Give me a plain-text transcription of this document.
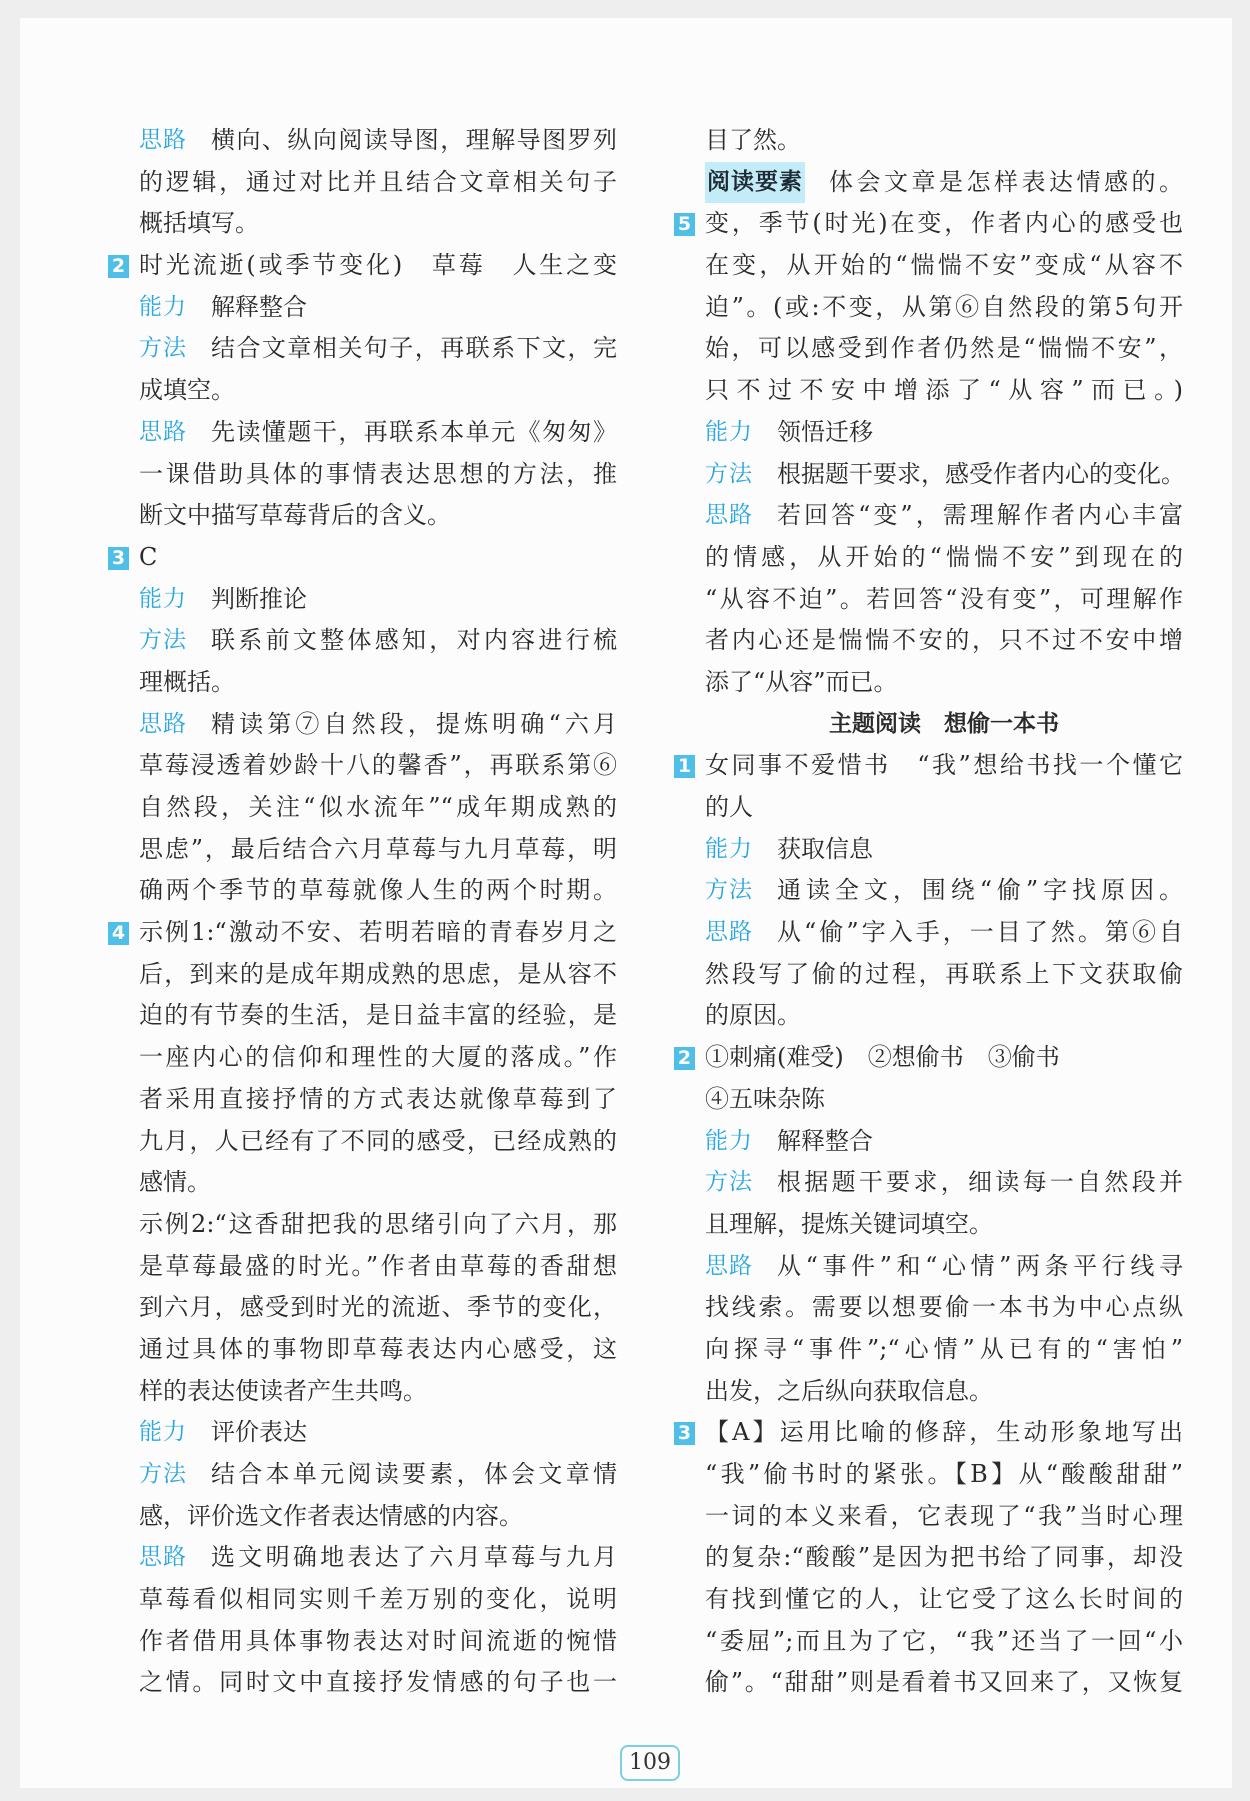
思路 横向、纵向阅读导图，理解导图罗列
的逻辑，通过对比并且结合文章相关句子
概括填写。
2 时光流逝(或季节变化)　草莓　人生之变
能力 解释整合
方法 结合文章相关句子，再联系下文，完
成填空。
思路 先读懂题干，再联系本单元《匆匆》
一课借助具体的事情表达思想的方法，推
断文中描写草莓背后的含义。
3 C
能力 判断推论
方法 联系前文整体感知，对内容进行梳
理概括。
思路 精读第⑦自然段，提炼明确“六月
草莓浸透着妙龄十八的馨香”，再联系第⑥
自然段，关注“似水流年”“成年期成熟的
思虑”，最后结合六月草莓与九月草莓，明
确两个季节的草莓就像人生的两个时期。
4 示例1:“激动不安、若明若暗的青春岁月之
后，到来的是成年期成熟的思虑，是从容不
迫的有节奏的生活，是日益丰富的经验，是
一座内心的信仰和理性的大厦的落成。”作
者采用直接抒情的方式表达就像草莓到了
九月，人已经有了不同的感受，已经成熟的
感情。
示例2:“这香甜把我的思绪引向了六月，那
是草莓最盛的时光。”作者由草莓的香甜想
到六月，感受到时光的流逝、季节的变化，
通过具体的事物即草莓表达内心感受，这
样的表达使读者产生共鸣。
能力 评价表达
方法 结合本单元阅读要素，体会文章情
感，评价选文作者表达情感的内容。
思路 选文明确地表达了六月草莓与九月
草莓看似相同实则千差万别的变化，说明
作者借用具体事物表达对时间流逝的惋惜
之情。同时文中直接抒发情感的句子也一
目了然。
阅读要素 体会文章是怎样表达情感的。
5 变，季节(时光)在变，作者内心的感受也
在变，从开始的“惴惴不安”变成“从容不
迫”。(或:不变，从第⑥自然段的第5句开
始，可以感受到作者仍然是“惴惴不安”，
只不过不安中增添了“从容”而已。)
能力 领悟迁移
方法 根据题干要求，感受作者内心的变化。
思路 若回答“变”，需理解作者内心丰富
的情感，从开始的“惴惴不安”到现在的
“从容不迫”。若回答“没有变”，可理解作
者内心还是惴惴不安的，只不过不安中增
添了“从容”而已。
主题阅读　想偷一本书
1 女同事不爱惜书　“我”想给书找一个懂它
的人
能力 获取信息
方法 通读全文，围绕“偷”字找原因。
思路 从“偷”字入手，一目了然。第⑥自
然段写了偷的过程，再联系上下文获取偷
的原因。
2 ①刺痛(难受)　②想偷书　③偷书
④五味杂陈
能力 解释整合
方法 根据题干要求，细读每一自然段并
且理解，提炼关键词填空。
思路 从“事件”和“心情”两条平行线寻
找线索。需要以想要偷一本书为中心点纵
向探寻“事件”;“心情”从已有的“害怕”
出发，之后纵向获取信息。
3 【A】运用比喻的修辞，生动形象地写出
“我”偷书时的紧张。【B】从“酸酸甜甜”
一词的本义来看，它表现了“我”当时心理
的复杂:“酸酸”是因为把书给了同事，却没
有找到懂它的人，让它受了这么长时间的
“委屈”;而且为了它，“我”还当了一回“小
偷”。“甜甜”则是看着书又回来了，又恢复
109
